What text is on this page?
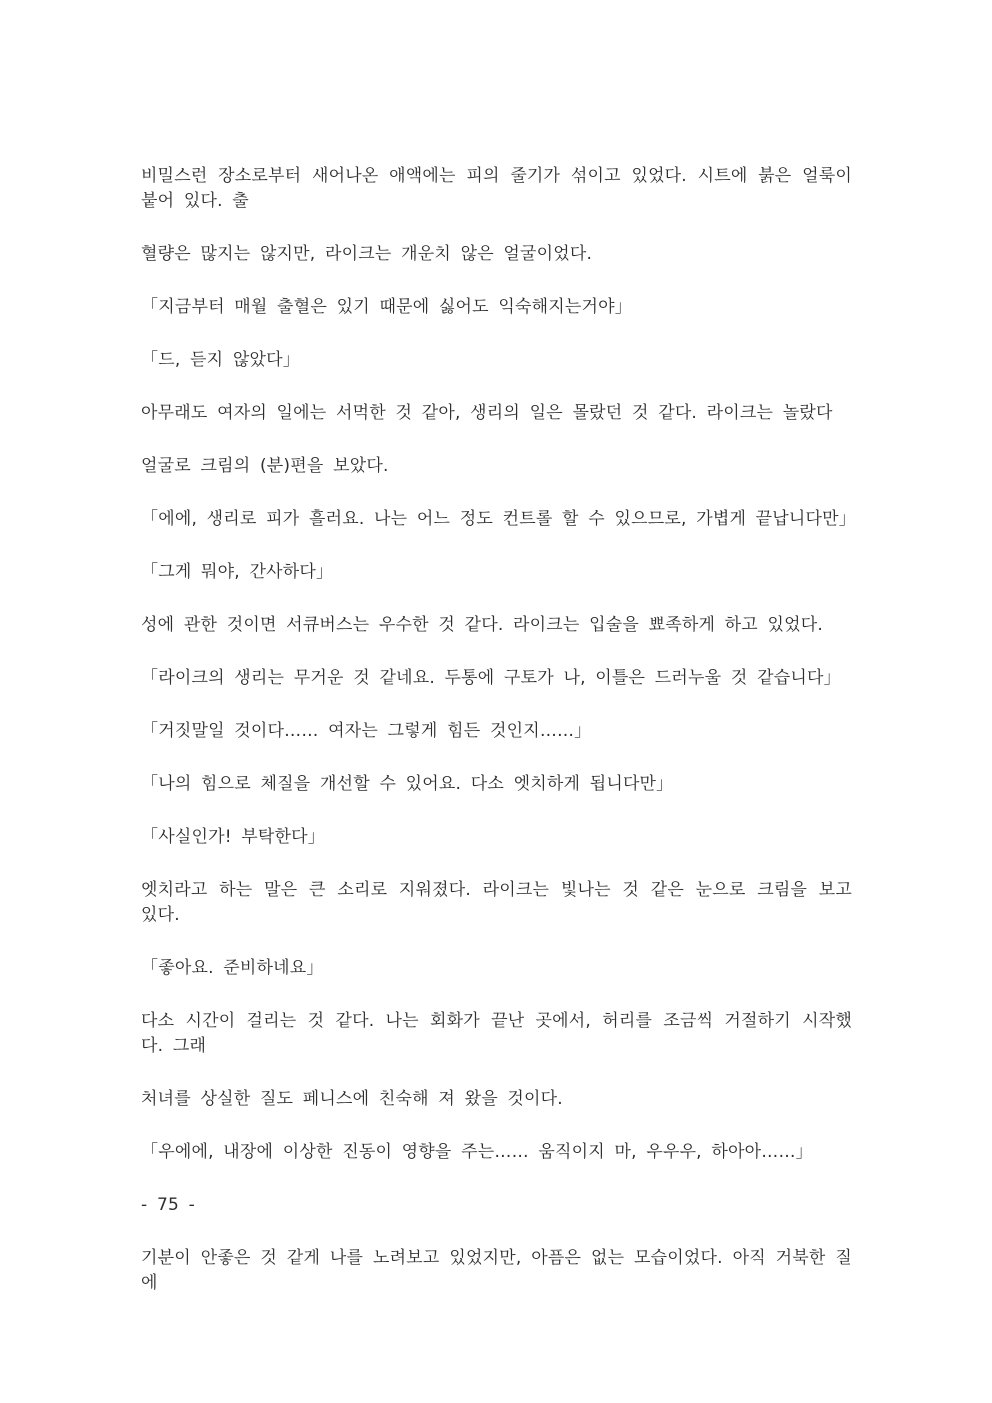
비밀스런 장소로부터 새어나온 애액에는 피의 줄기가 섞이고 있었다. 시트에 붉은 얼룩이 붙어 있다. 출

혈량은 많지는 않지만, 라이크는 개운치 않은 얼굴이었다.

「지금부터 매월 출혈은 있기 때문에 싫어도 익숙해지는거야」

「드, 듣지 않았다」

아무래도 여자의 일에는 서먹한 것 같아, 생리의 일은 몰랐던 것 같다. 라이크는 놀랐다

얼굴로 크림의 (분)편을 보았다.

「에에, 생리로 피가 흘러요. 나는 어느 정도 컨트롤 할 수 있으므로, 가볍게 끝납니다만」

「그게 뭐야, 간사하다」

성에 관한 것이면 서큐버스는 우수한 것 같다. 라이크는 입술을 뾰족하게 하고 있었다.

「라이크의 생리는 무거운 것 같네요. 두통에 구토가 나, 이틀은 드러누울 것 같습니다」

「거짓말일 것이다…… 여자는 그렇게 힘든 것인지……」

「나의 힘으로 체질을 개선할 수 있어요. 다소 엣치하게 됩니다만」

「사실인가! 부탁한다」

엣치라고 하는 말은 큰 소리로 지워졌다. 라이크는 빛나는 것 같은 눈으로 크림을 보고 있다.

「좋아요. 준비하네요」

다소 시간이 걸리는 것 같다. 나는 회화가 끝난 곳에서, 허리를 조금씩 거절하기 시작했다. 그래

처녀를 상실한 질도 페니스에 친숙해 져 왔을 것이다.

「우에에, 내장에 이상한 진동이 영향을 주는…… 움직이지 마, 우우우, 하아아……」

- 75 -

기분이 안좋은 것 같게 나를 노려보고 있었지만, 아픔은 없는 모습이었다. 아직 거북한 질에
